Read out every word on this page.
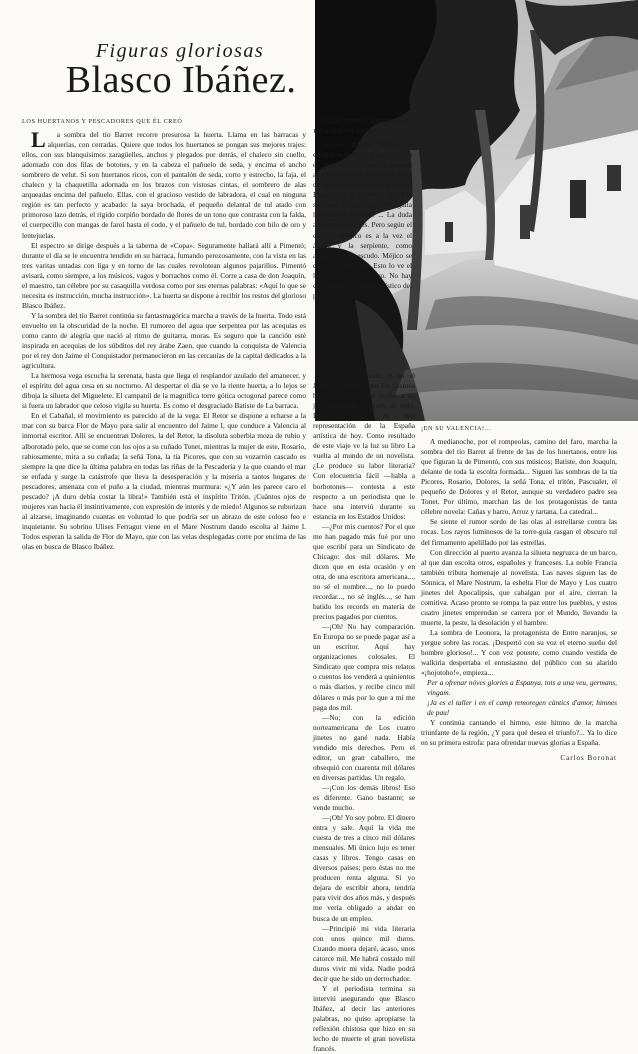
Figuras gloriosas
Blasco Ibáñez.

LOS HUERTANOS Y PESCADORES QUE ÉL CREÓ

La sombra del tío Barret recorre presurosa la huerta. Llama en las barracas y alquerías, con cerradas. Quiere que todos los huertanos se pongan sus mejores trajes: ellos, con sus blanquísimos zaragüelles, anchos y plegados por detrás, el chaleco sin cuello, adornado con dos filas de botones, y en la cabeza el pañuelo de seda, y encima el ancho sombrero de velut. Si son huertanos ricos, con el pantalón de seda, corto y estrecho, la faja, el chaleco y la chaquetilla adornada en los brazos con vistosas cintas, el sombrero de alas arqueadas encima del pañuelo. Ellas, con el gracioso vestido de labradora, el cual en ninguna región es tan perfecto y acabado: la saya brochada, el pequeño delantal de tul atado con primoroso lazo detrás, el rígido corpiño bordado de flores de un tono que contrasta con la falda, el cuerpecillo con mangas de farol hasta el codo, y el pañuelo de tul, bordado con hilo de oro y lentejuelas.

El espectro se dirige después a la taberna de «Copa». Seguramente hallará allí a Pimentó; durante el día se le encuentra tendido en su barraca, fumando perezosamente, con la vista en las tres varitas untadas con liga y en torno de las cuales revolotean algunos pajarillos. Pimentó avisará, como siempre, a los músicos, vagos y borrachos como él. Corre a casa de don Joaquín, el maestro, tan célebre por su casaquilla verdosa como por sus eternas palabras: «Aquí lo que se necesita es instrucción, mucha instrucción». La huerta se dispone a recibir los restos del glorioso Blasco Ibáñez.

Y la sombra del tío Barret continúa su fantasmagórica marcha a través de la huerta. Todo está envuelto en la obscuridad de la noche. El rumoreo del agua que serpentea por las acequias es como canto de alegría que nació al ritmo de guitarra, moras. Es seguro que la canción esté inspirada en acequias de los súbditos del rey árabe Zaen, que cuando la conquista de Valencia por el rey don Jaime el Conquistador permanecieron en las cercanías de la capital dedicados a la agricultura.

La hermosa vega escucha la serenata, hasta que llega el resplandor azulado del amanecer, y el espíritu del agua cesa en su nocturno. Al despertar el día se ve la riente huerta, a lo lejos se dibuja la silueta del Miguelete. El campanil de la magnífica torre gótica octogonal parece como si fuera un labrador que celoso vigila su huerta. Es como el desgraciado Batiste de La barraca.

En el Cabañal, el movimiento es parecido al de la vega. El Retor se dispone a echarse a la mar con su barca Flor de Mayo para salir al encuentro del Jaime I, que conduce a Valencia al inmortal escritor. Allí se encuentran Dolores, la del Retor, la dísoluta soberbia moza de rubio y alborotado pelo, que se come con los ojos a su cuñado Tonet, mientras la mujer de este, Rosario, rabiosamente, mira a su cuñada; la señá Tona, la tía Picores, que con su vozarrón cascado es siempre la que dice la última palabra en todas las riñas de la Pescadería y la que cuando el mar se enfada y surge la catástrofe que lleva la desesperación y la miseria a tantos hogares de pescadores, amenaza con el puño a la ciudad, mientras murmura: «¿Y aún les parece caro el pescado? ¡A duro debía costar la libra!» También está el inspírito Tritón. ¡Cuántos ojos de mujeres van hacia él instintivamente, con expresión de interés y de miedo! Algunos se ruborizan al alzarse, imaginando cuantas en voluntad lo que podría ser un abrazo de este coloso feo e inquietante. Su sobrino Ulises Ferragut viene en el Mare Nostrum dando escolta al Jaime I. Todos esperan la salida de Flor de Mayo, que con las velas desplegadas corre por encima de las olas en busca de Blasco Ibáñez.

«NADIE PODRÁ DECIR QUE HE SIDO UN EX-ROCHADOR»

Vicente Blasco Ibáñez el escritor viajero. Va a la Argentina en plan de colonizador; después al revolucionario Méjico en viaje de estudio para escribir la novela El águila y la serpiente. ¿Será la serpiente Méjico? ¿Será el águila los Estados Unidos? ... La duda aumenta el interés. Pero según el escritor, Méjico es a la vez el águila y la serpiente, como aparece en su escudo. Méjico se devora a sí mismo. Esto lo ve el lector al final del libro. No hay que destruir el efecto artístico del plan.

Recorre el mundo, y en el Japón es recibido con los mismos honores con que se recibe a un jefe de Estado. Después de todo, Blasco Ibáñez es una representación de la España artística de hoy. Como resultado de este viaje ve la luz su libro La vuelta al mundo de un novelista. ¿Le produce su labor literaria? Con elocuencia fácil —habla a borbotones— contesta a este respecto a un periodista que le hace una interviú durante su estancia en los Estados Unidos:

—¿Por mis cuentos? Por el que me han pagado más fué por uno que escribí para un Sindicato de Chicago: dos mil dólares. Me dicen que en esta ocasión y en otra, de una escritora americana..., no sé el nombre..., no lo puedo recordar..., no sé inglés..., se han batido los records en materia de precios pagados por cuentos.

—¡Oh! No hay comparación. En Europa no se puede pagar así a un escritor. Aquí hay organizaciones colosales. El Sindicato que compra mis relatos o cuentos los venderá a quinientos o más diarios, y recibe cinco mil dólares o más por lo que a mí me paga dos mil.

—No; con la edición norteamericana de Los cuatro jinetes no gané nada. Había vendido mis derechos. Pero el editor, un gran caballero, me obsequió con cuarenta mil dólares en diversas partidas. Un regalo.

—¡Con los demás libros! Eso es diferente. Gano bastante; se vende mucho.

—¡Oh! Yo soy pobre. El dinero entra y sale. Aquí la vida me cuesta de tres a cinco mil dólares mensuales. Mi único lujo es tener casas y libros. Tengo casas en diversos países; pero éstas no me producen renta alguna. Si yo dejara de escribir ahora, tendría para vivir dos años más, y después me vería obligado a andar en busca de un empleo.

—Principié mi vida literaria con unos quince mil duros. Cuando muera dejaré, acaso, unos catorce mil. Me habrá costado mil duros vivir mi vida. Nadie podrá decir que he sido un derrochador.

Y el periodista termina su interviú asegurando que Blasco Ibáñez, al decir las anteriores palabras, no quiso apropiarse la reflexión chistosa que hizo en su lecho de muerte el gran novelista francés.

¡EN SU VALENCIA!...

A medianoche, por el rompeolas, camino del faro, marcha la sombra del tío Barret al frente de las de los huertanos, entre los que figuran la de Pimentó, con sus músicos; Batiste, don Joaquín, delante de toda la escolta formada... Siguen las sombras de la tía Picores, Rosario, Dolores, la señá Tona, el tritón, Pascualet, el pequeño de Dolores y el Retor, aunque su verdadero padre sea Tonet. Por último, marchan las de los protagonistas de tanta célebre novela: Cañas y barro, Arroz y tartana, La catedral...

Se siente el rumor sordo de las olas al estrellarse contra las rocas. Los rayos luminosos de la torre-guía rasgan el obscuro tul del firmamento apelillado por las estrellas.

Con dirección al puerto avanza la silueta negruzca de un barco, al que dan escolta otros, españoles y franceses. La noble Francia también tributa homenaje al novelista. Las naves siguen las de Sónnica, el Mare Nostrum, la esbelta Flor de Mayo y Los cuatro jinetes del Apocalipsis, que cabalgan por el aire, cierran la comitiva. Acaso pronto se rompa la paz entre los pueblos, y estos cuatro jinetes emprendan se carrera por el Mundo, llevando la muerte, la peste, la desolación y el hambre.

La sombra de Leonora, la protagonista de Entre naranjos, se yergue sobre las rocas. ¡Despertó con su voz el eterno sueño del hombre glorioso!... Y con voz potente, como cuando vestida de walkiria despertaba el entusiasmo del público con su alarido «¡hojotoho!», empieza...

Per a ofrenar nóves glories a Espanya, tots a una veu, germans, vingam.

¡Ja es el taller i en el camp remoregen càntics d'amor, himnes de pau!

Y continúa cantando el himno, este himno de la marcha triunfante de la región, ¿Y para qué desea el triunfo?... Ya lo dice en su primera estrofa: para ofrendar nuevas glorias a España.

Carlos Boronat
